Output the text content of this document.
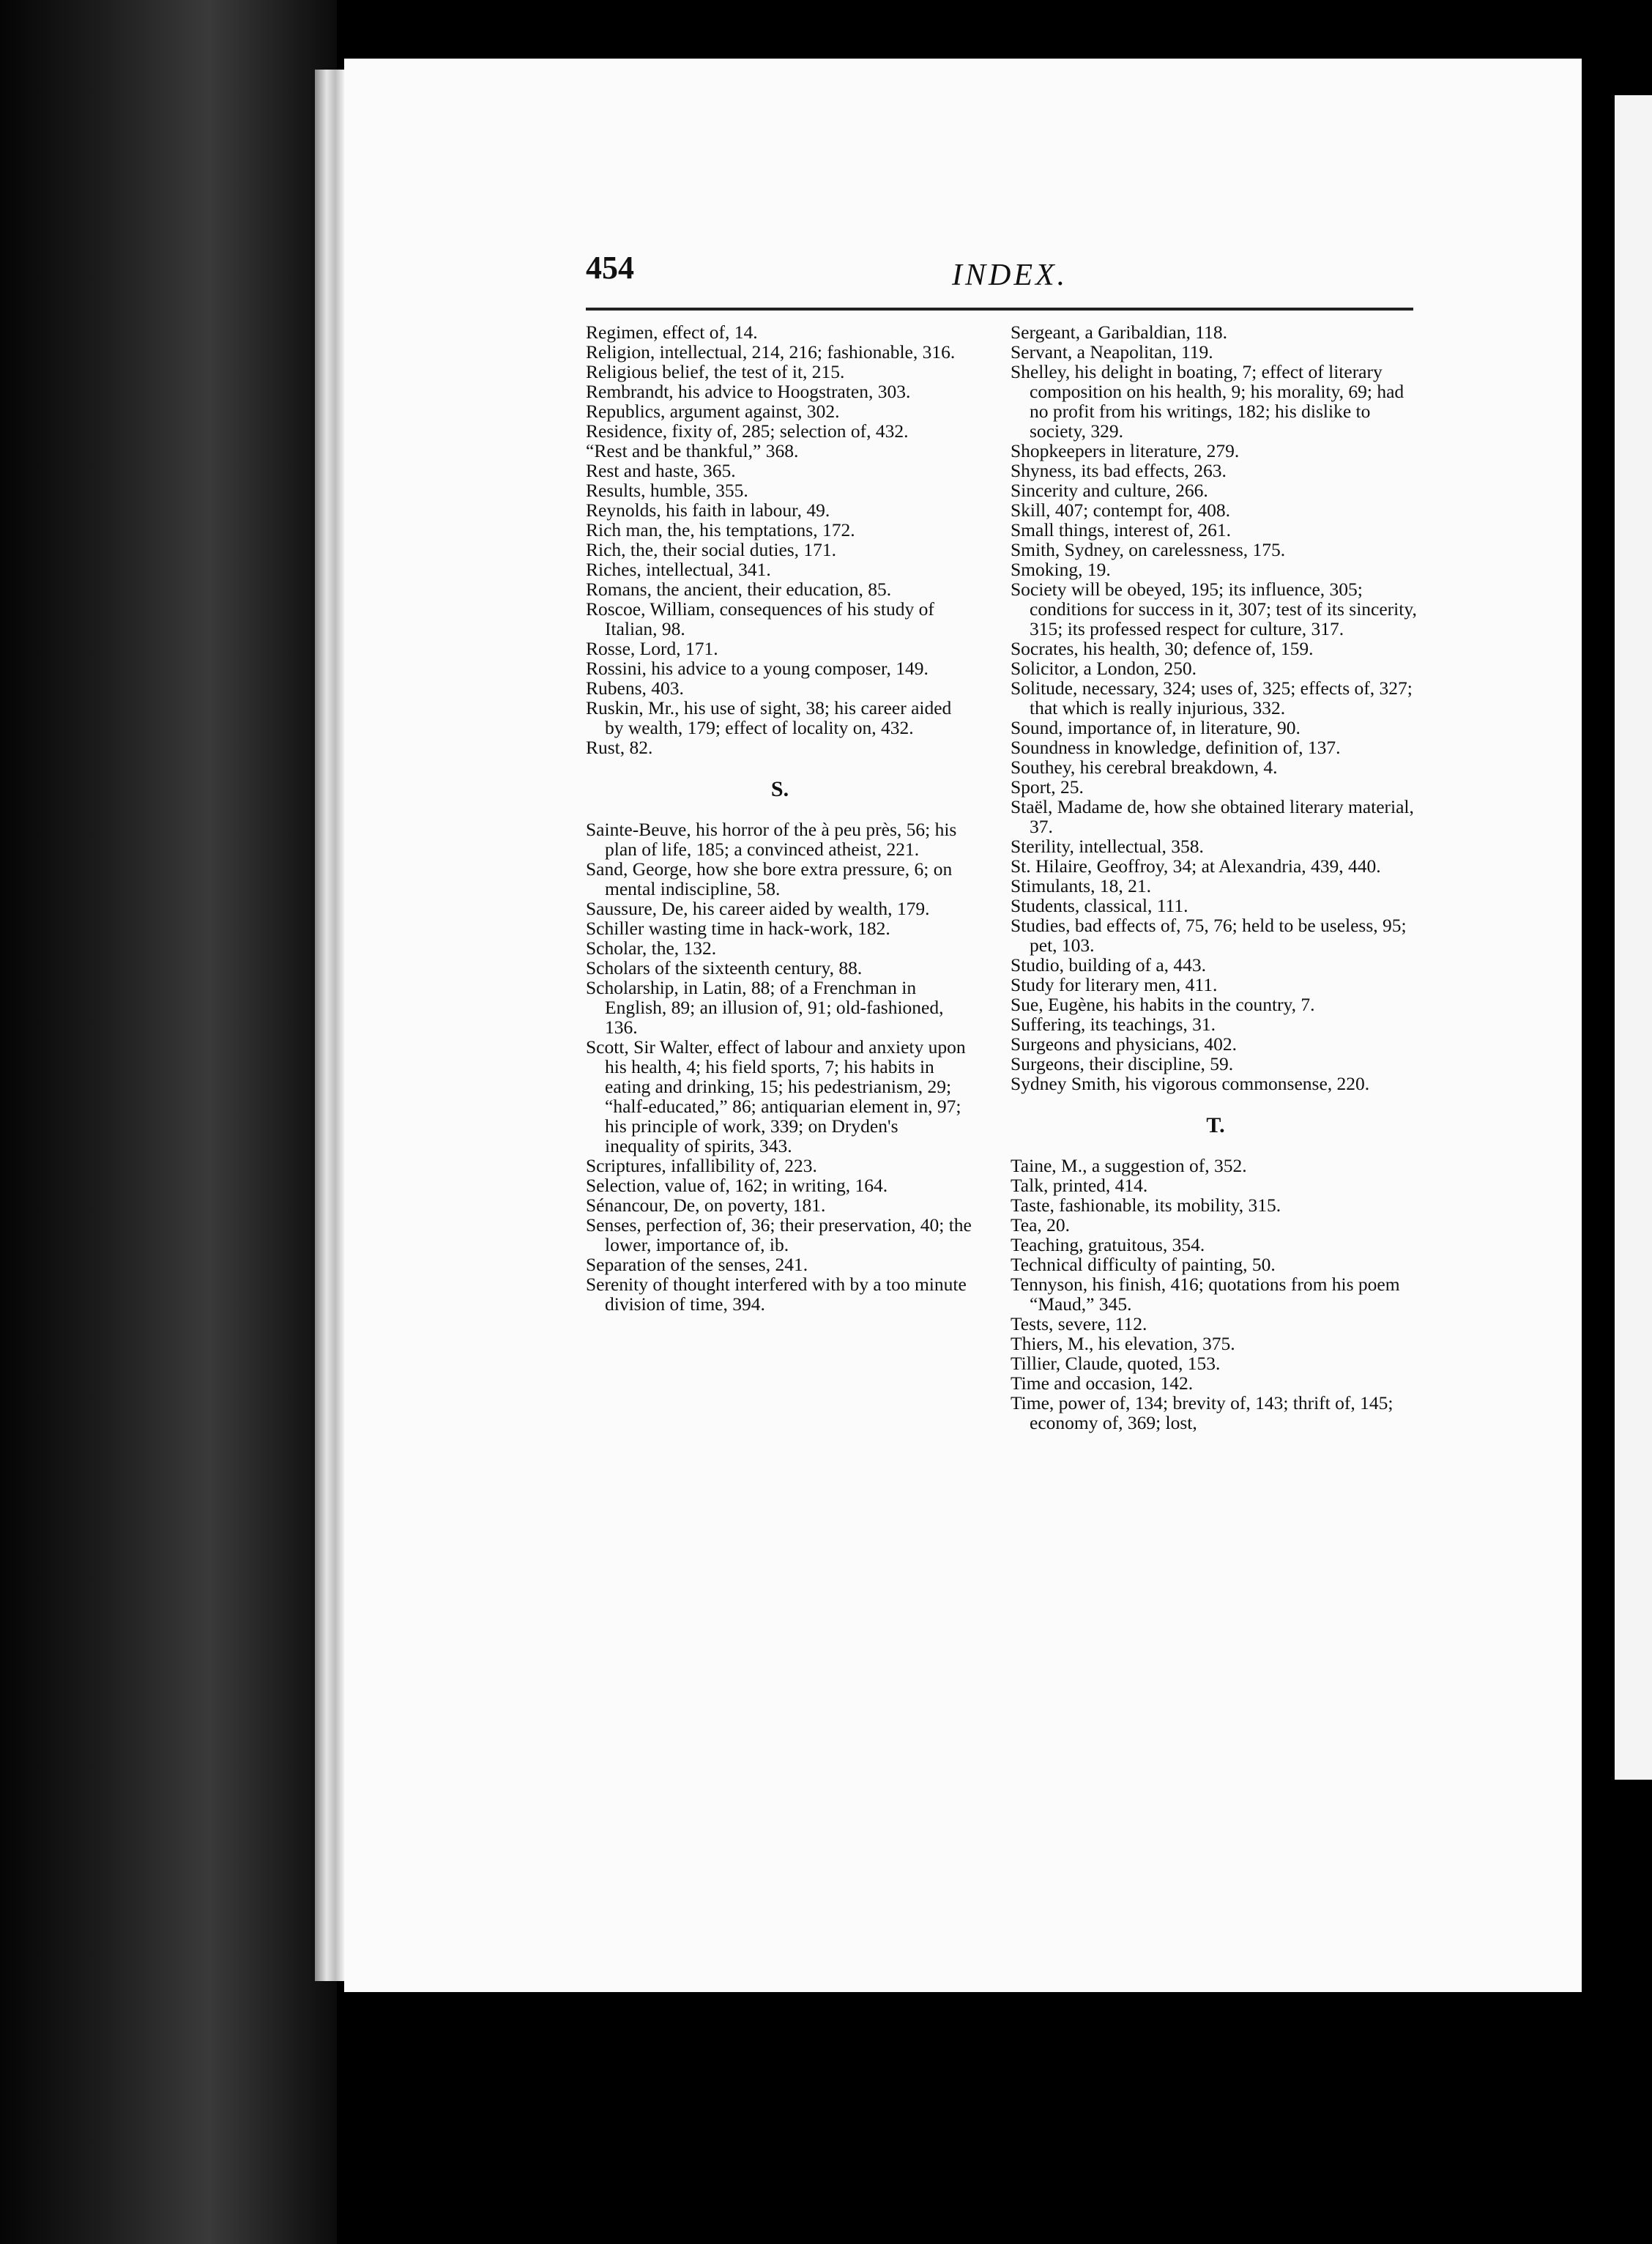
454	INDEX.

Regimen, effect of, 14.

Religion, intellectual, 214, 216; fashionable, 316.

Religious belief, the test of it, 215.

Rembrandt, his advice to Hoogstraten, 303.

Republics, argument against, 302.

Residence, fixity of, 285; selection of, 432.

“Rest and be thankful,” 368.

Rest and haste, 365.

Results, humble, 355.

Reynolds, his faith in labour, 49.

Rich man, the, his temptations, 172.

Rich, the, their social duties, 171.

Riches, intellectual, 341.

Romans, the ancient, their education, 85.

Roscoe, William, consequences of his study of Italian, 98.

Rosse, Lord, 171.

Rossini, his advice to a young composer, 149.

Rubens, 403.

Ruskin, Mr., his use of sight, 38; his career aided by wealth, 179; effect of locality on, 432.

Rust, 82.

S.

Sainte-Beuve, his horror of the à peu près, 56; his plan of life, 185; a convinced atheist, 221.

Sand, George, how she bore extra pressure, 6; on mental indiscipline, 58.

Saussure, De, his career aided by wealth, 179.

Schiller wasting time in hack-work, 182.

Scholar, the, 132.

Scholars of the sixteenth century, 88.

Scholarship, in Latin, 88; of a Frenchman in English, 89; an illusion of, 91; old-fashioned, 136.

Scott, Sir Walter, effect of labour and anxiety upon his health, 4; his field sports, 7; his habits in eating and drinking, 15; his pedestrianism, 29; “half-educated,” 86; antiquarian element in, 97; his principle of work, 339; on Dryden's inequality of spirits, 343.

Scriptures, infallibility of, 223.

Selection, value of, 162; in writing, 164.

Sénancour, De, on poverty, 181.

Senses, perfection of, 36; their preservation, 40; the lower, importance of, ib.

Separation of the senses, 241.

Serenity of thought interfered with by a too minute division of time, 394.

Sergeant, a Garibaldian, 118.

Servant, a Neapolitan, 119.

Shelley, his delight in boating, 7; effect of literary composition on his health, 9; his morality, 69; had no profit from his writings, 182; his dislike to society, 329.

Shopkeepers in literature, 279.

Shyness, its bad effects, 263.

Sincerity and culture, 266.

Skill, 407; contempt for, 408.

Small things, interest of, 261.

Smith, Sydney, on carelessness, 175.

Smoking, 19.

Society will be obeyed, 195; its influence, 305; conditions for success in it, 307; test of its sincerity, 315; its professed respect for culture, 317.

Socrates, his health, 30; defence of, 159.

Solicitor, a London, 250.

Solitude, necessary, 324; uses of, 325; effects of, 327; that which is really injurious, 332.

Sound, importance of, in literature, 90.

Soundness in knowledge, definition of, 137.

Southey, his cerebral breakdown, 4.

Sport, 25.

Staël, Madame de, how she obtained literary material, 37.

Sterility, intellectual, 358.

St. Hilaire, Geoffroy, 34; at Alexandria, 439, 440.

Stimulants, 18, 21.

Students, classical, 111.

Studies, bad effects of, 75, 76; held to be useless, 95; pet, 103.

Studio, building of a, 443.

Study for literary men, 411.

Sue, Eugène, his habits in the country, 7.

Suffering, its teachings, 31.

Surgeons and physicians, 402.

Surgeons, their discipline, 59.

Sydney Smith, his vigorous commonsense, 220.

T.

Taine, M., a suggestion of, 352.

Talk, printed, 414.

Taste, fashionable, its mobility, 315.

Tea, 20.

Teaching, gratuitous, 354.

Technical difficulty of painting, 50.

Tennyson, his finish, 416; quotations from his poem “Maud,” 345.

Tests, severe, 112.

Thiers, M., his elevation, 375.

Tillier, Claude, quoted, 153.

Time and occasion, 142.

Time, power of, 134; brevity of, 143; thrift of, 145; economy of, 369; lost,
